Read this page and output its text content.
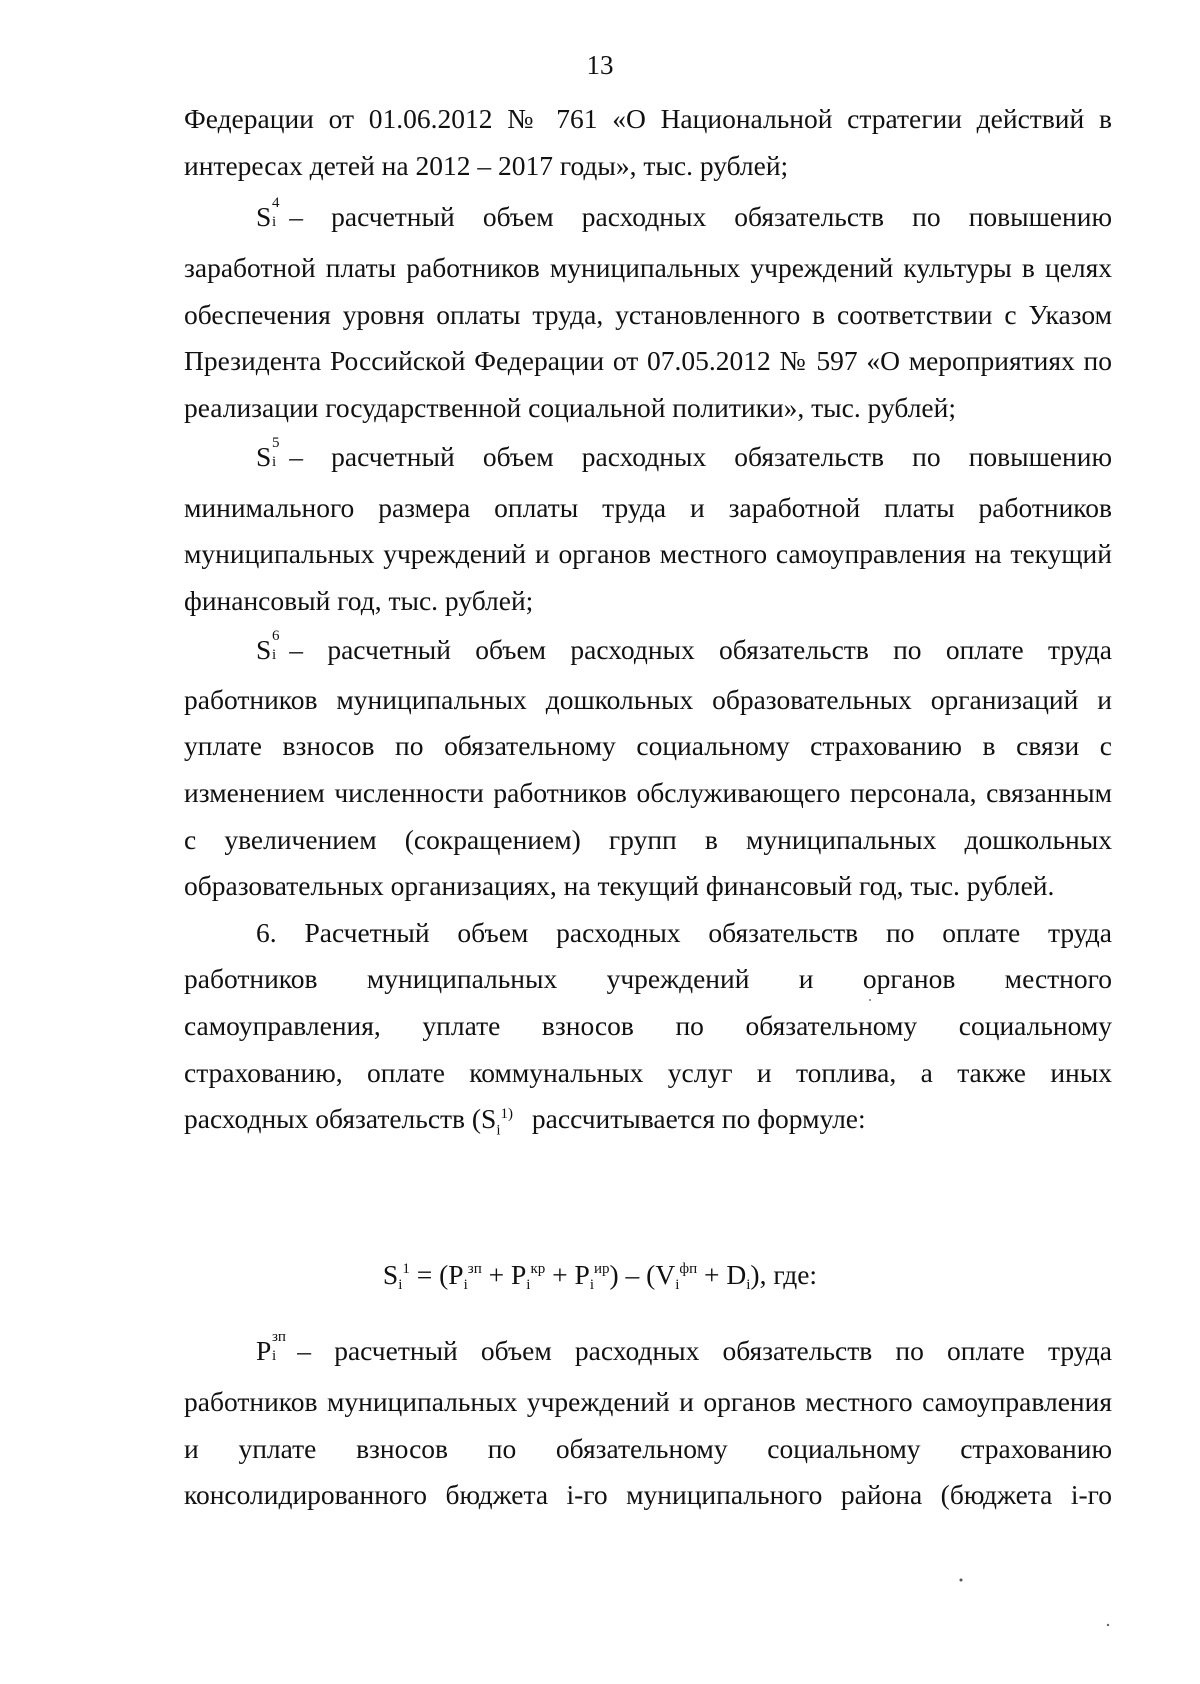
13
Федерации от 01.06.2012 № 761 «О Национальной стратегии действий в
интересах детей на 2012 – 2017 годы», тыс. рублей;
S 4
i – расчетный объем расходных обязательств по повышению
заработной платы работников муниципальных учреждений культуры в целях
обеспечения уровня оплаты труда, установленного в соответствии с Указом
Президента Российской Федерации от 07.05.2012 № 597 «О мероприятиях по
реализации государственной социальной политики», тыс. рублей;
S 5
i – расчетный объем расходных обязательств по повышению
минимального размера оплаты труда и заработной платы работников
муниципальных учреждений и органов местного самоуправления на текущий
финансовый год, тыс. рублей;
S 6
i – расчетный объем расходных обязательств по оплате труда
работников муниципальных дошкольных образовательных организаций и
уплате взносов по обязательному социальному страхованию в связи с
изменением численности работников обслуживающего персонала, связанным
с увеличением (сокращением) групп в муниципальных дошкольных
образовательных организациях, на текущий финансовый год, тыс. рублей.
6. Расчетный объем расходных обязательств по оплате труда
работников муниципальных учреждений и органов местного
самоуправления, уплате взносов по обязательному социальному
страхованию, оплате коммунальных услуг и топлива, а также иных
расходных обязательств ($S_i^{1)}$ рассчитывается по формуле:
$S_i^1 = (P_i^{зп} + P_i^{кр} + P_i^{ир}) - (V_i^{фп} + D_i)$, где:
P зп
i – расчетный объем расходных обязательств по оплате труда
работников муниципальных учреждений и органов местного самоуправления
и уплате взносов по обязательному социальному страхованию
консолидированного бюджета i-го муниципального района (бюджета i-го
